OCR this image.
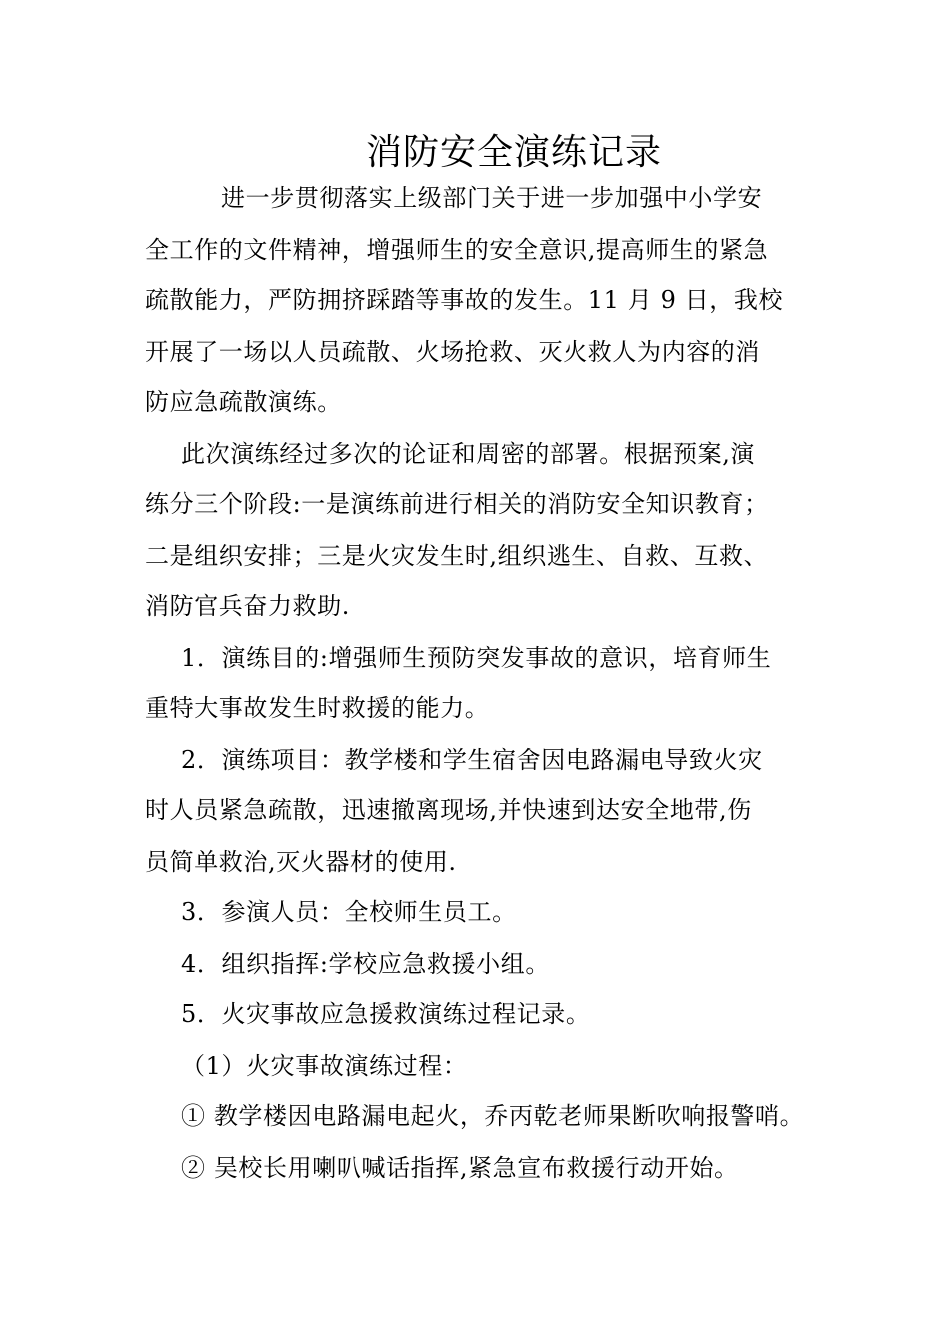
消防安全演练记录
进一步贯彻落实上级部门关于进一步加强中小学安
全工作的文件精神，增强师生的安全意识,提高师生的紧急
疏散能力，严防拥挤踩踏等事故的发生。11 月 9 日，我校
开展了一场以人员疏散、火场抢救、灭火救人为内容的消
防应急疏散演练。
此次演练经过多次的论证和周密的部署。根据预案,演
练分三个阶段:一是演练前进行相关的消防安全知识教育；
二是组织安排；三是火灾发生时,组织逃生、自救、互救、
消防官兵奋力救助.
1．演练目的:增强师生预防突发事故的意识，培育师生
重特大事故发生时救援的能力。
2．演练项目：教学楼和学生宿舍因电路漏电导致火灾
时人员紧急疏散，迅速撤离现场,并快速到达安全地带,伤
员简单救治,灭火器材的使用.
3．参演人员：全校师生员工。
4．组织指挥:学校应急救援小组。
5．火灾事故应急援救演练过程记录。
（1）火灾事故演练过程：
① 教学楼因电路漏电起火，乔丙乾老师果断吹响报警哨。
② 吴校长用喇叭喊话指挥,紧急宣布救援行动开始。
